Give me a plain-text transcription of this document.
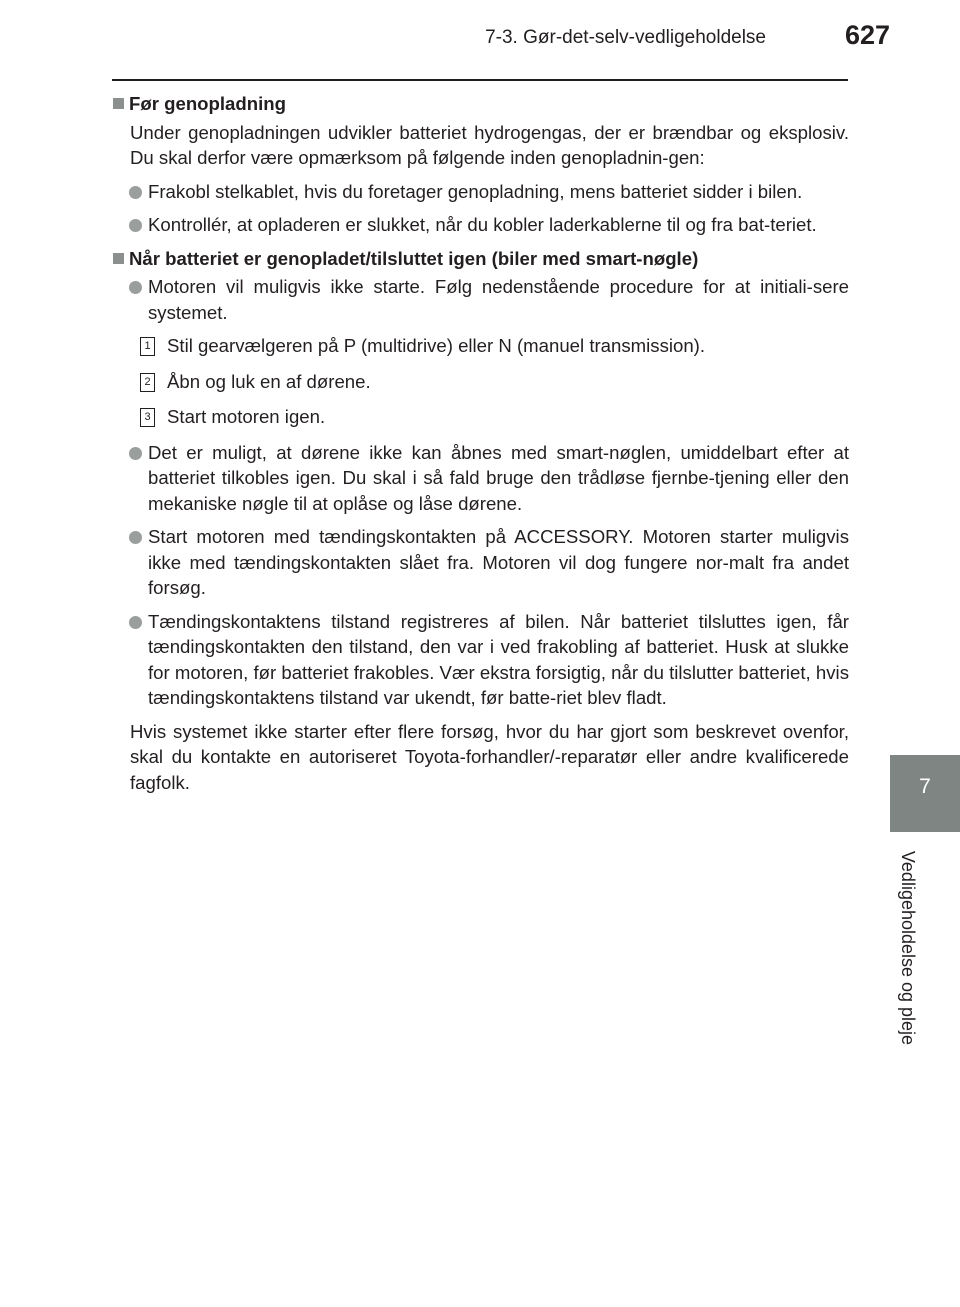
7-3. Gør-det-selv-vedligeholdelse	627
7
Vedligeholdelse og pleje
Før genopladning
Under genopladningen udvikler batteriet hydrogengas, der er brændbar og eksplosiv. Du skal derfor være opmærksom på følgende inden genopladnin-gen:
Frakobl stelkablet, hvis du foretager genopladning, mens batteriet sidder i bilen.
Kontrollér, at opladeren er slukket, når du kobler laderkablerne til og fra bat-teriet.
Når batteriet er genopladet/tilsluttet igen (biler med smart-nøgle)
Motoren vil muligvis ikke starte. Følg nedenstående procedure for at initiali-sere systemet.
1 Stil gearvælgeren på P (multidrive) eller N (manuel transmission).
2 Åbn og luk en af dørene.
3 Start motoren igen.
Det er muligt, at dørene ikke kan åbnes med smart-nøglen, umiddelbart efter at batteriet tilkobles igen. Du skal i så fald bruge den trådløse fjernbe-tjening eller den mekaniske nøgle til at oplåse og låse dørene.
Start motoren med tændingskontakten på ACCESSORY. Motoren starter muligvis ikke med tændingskontakten slået fra. Motoren vil dog fungere nor-malt fra andet forsøg.
Tændingskontaktens tilstand registreres af bilen. Når batteriet tilsluttes igen, får tændingskontakten den tilstand, den var i ved frakobling af batteriet. Husk at slukke for motoren, før batteriet frakobles. Vær ekstra forsigtig, når du tilslutter batteriet, hvis tændingskontaktens tilstand var ukendt, før batte-riet blev fladt.
Hvis systemet ikke starter efter flere forsøg, hvor du har gjort som beskrevet ovenfor, skal du kontakte en autoriseret Toyota-forhandler/-reparatør eller andre kvalificerede fagfolk.
